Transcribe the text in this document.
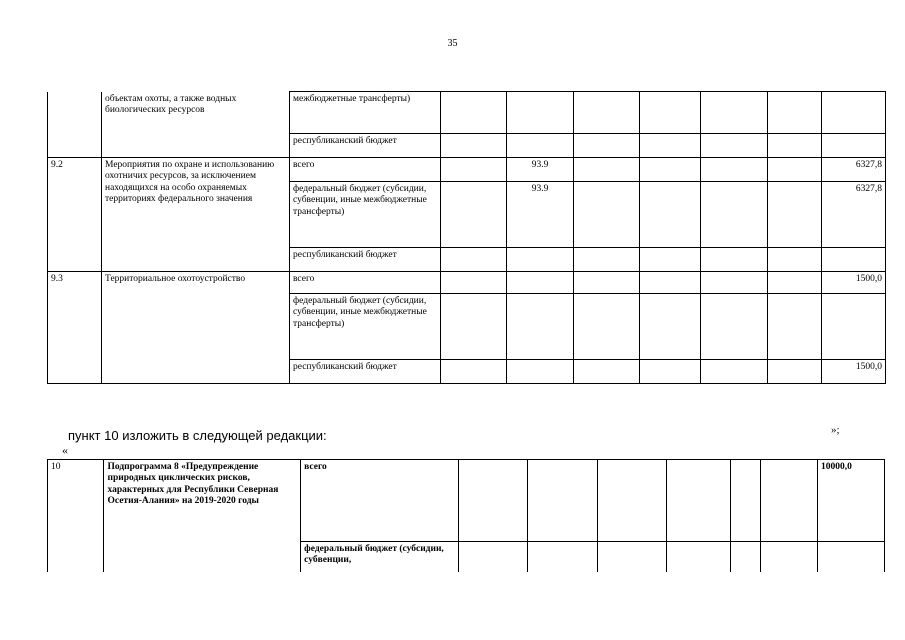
35
	объектам охоты, а также водных биологических ресурсов	межбюджетные трансферты)							
		республиканский бюджет							
9.2	Мероприятия по охране и использованию охотничих ресурсов, за исключением находящихся на особо охраняемых территориях федерального значения	всего		93.9					6327,8
		федеральный бюджет (субсидии, субвенции, иные межбюджетные трансферты)		93.9					6327,8
		республиканский бюджет							
9.3	Территориальное охотоустройство	всего							1500,0
		федеральный бюджет (субсидии, субвенции, иные межбюджетные трансферты)							
		республиканский бюджет							1500,0
»;
пункт 10 изложить в следующей редакции:
«
10	Подпрограмма 8 «Предупреждение природных циклических рисков, характерных для Республики Северная Осетия-Алания» на 2019-2020 годы	всего							10000,0
		федеральный бюджет (субсидии, субвенции,							
